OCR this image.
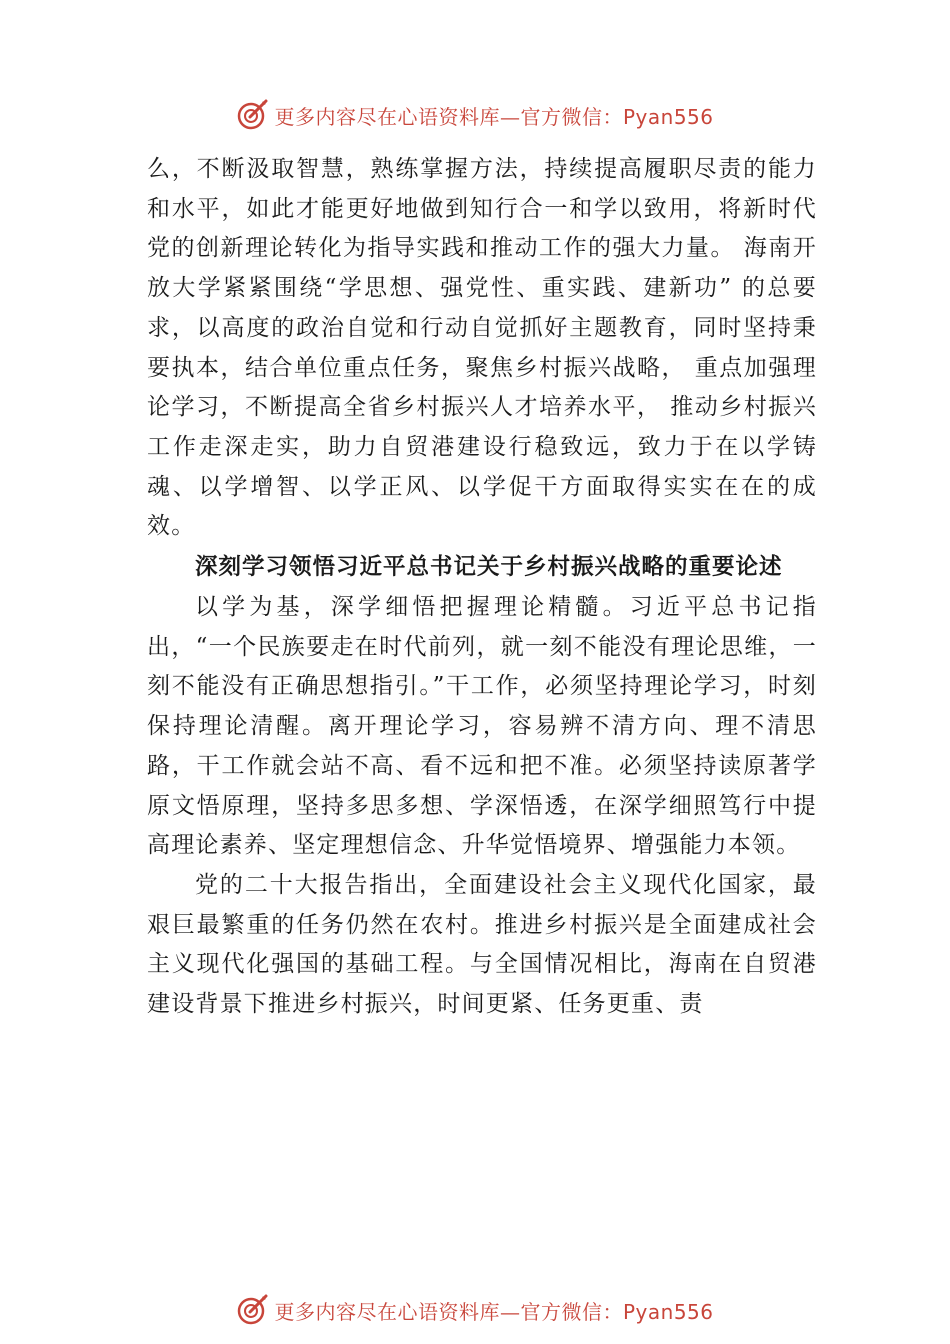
更多内容尽在心语资料库—官方微信：Pyan556

么，不断汲取智慧，熟练掌握方法，持续提高履职尽责的能力和水平，如此才能更好地做到知行合一和学以致用，将新时代党的创新理论转化为指导实践和推动工作的强大力量。 海南开放大学紧紧围绕“学思想、强党性、重实践、建新功” 的总要求，以高度的政治自觉和行动自觉抓好主题教育，同时坚持秉要执本，结合单位重点任务，聚焦乡村振兴战略， 重点加强理论学习，不断提高全省乡村振兴人才培养水平， 推动乡村振兴工作走深走实，助力自贸港建设行稳致远，致力于在以学铸魂、以学增智、以学正风、以学促干方面取得实实在在的成效。

深刻学习领悟习近平总书记关于乡村振兴战略的重要论述

以学为基，深学细悟把握理论精髓。习近平总书记指出，“一个民族要走在时代前列，就一刻不能没有理论思维，一刻不能没有正确思想指引。”干工作，必须坚持理论学习，时刻保持理论清醒。离开理论学习，容易辨不清方向、理不清思路，干工作就会站不高、看不远和把不准。必须坚持读原著学原文悟原理，坚持多思多想、学深悟透，在深学细照笃行中提高理论素养、坚定理想信念、升华觉悟境界、增强能力本领。

党的二十大报告指出，全面建设社会主义现代化国家，最艰巨最繁重的任务仍然在农村。推进乡村振兴是全面建成社会主义现代化强国的基础工程。与全国情况相比，海南在自贸港建设背景下推进乡村振兴，时间更紧、任务更重、责

更多内容尽在心语资料库—官方微信：Pyan556
